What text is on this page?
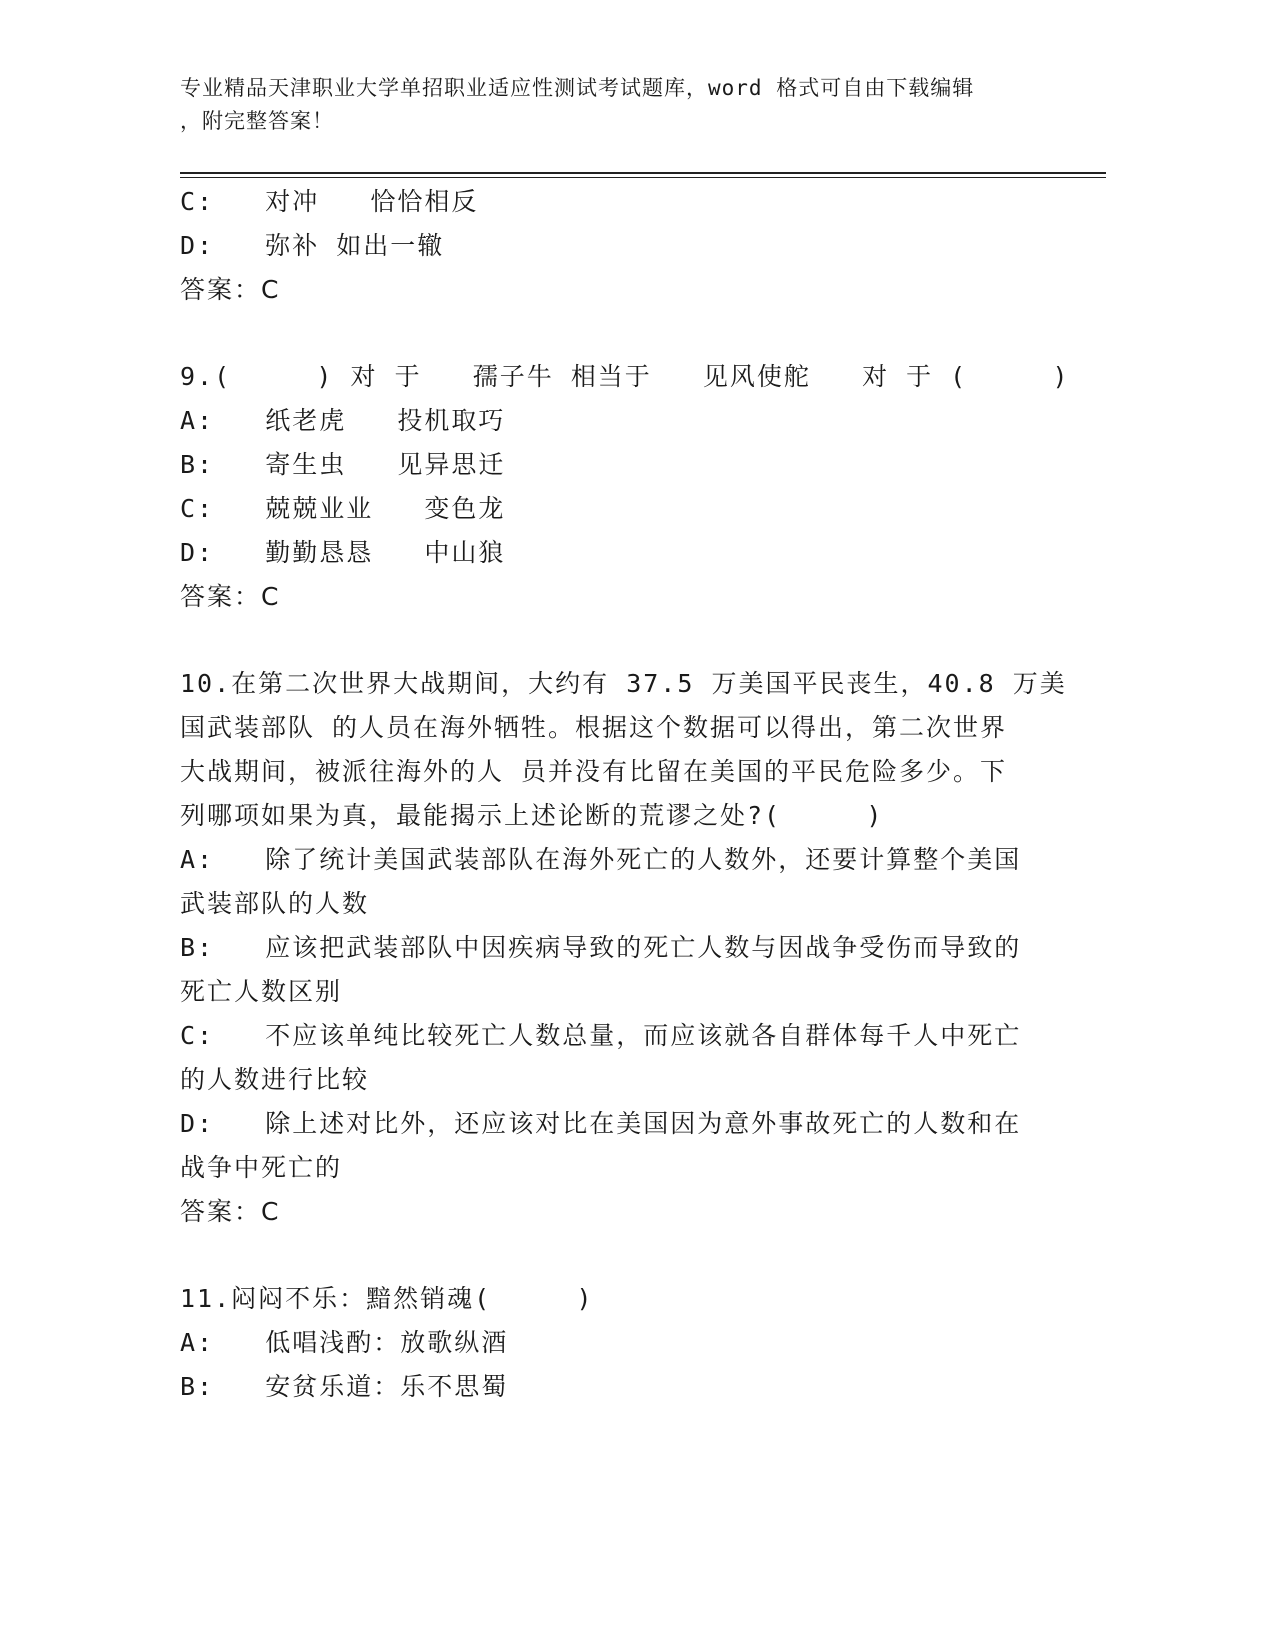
专业精品天津职业大学单招职业适应性测试考试题库，word 格式可自由下载编辑
，附完整答案！
C:   对冲   恰恰相反
D:   弥补 如出一辙
答案：C
9.(     ) 对 于   孺子牛 相当于   见风使舵   对 于 (     )
A:   纸老虎   投机取巧
B:   寄生虫   见异思迁
C:   兢兢业业   变色龙
D:   勤勤恳恳   中山狼
答案：C
10.在第二次世界大战期间，大约有 37.5 万美国平民丧生，40.8 万美
国武装部队 的人员在海外牺牲。根据这个数据可以得出，第二次世界
大战期间，被派往海外的人 员并没有比留在美国的平民危险多少。下
列哪项如果为真，最能揭示上述论断的荒谬之处?(     )
A:   除了统计美国武装部队在海外死亡的人数外，还要计算整个美国
武装部队的人数
B:   应该把武装部队中因疾病导致的死亡人数与因战争受伤而导致的
死亡人数区别
C:   不应该单纯比较死亡人数总量，而应该就各自群体每千人中死亡
的人数进行比较
D:   除上述对比外，还应该对比在美国因为意外事故死亡的人数和在
战争中死亡的
答案：C
11.闷闷不乐：黯然销魂(     )
A:   低唱浅酌：放歌纵酒
B:   安贫乐道：乐不思蜀
